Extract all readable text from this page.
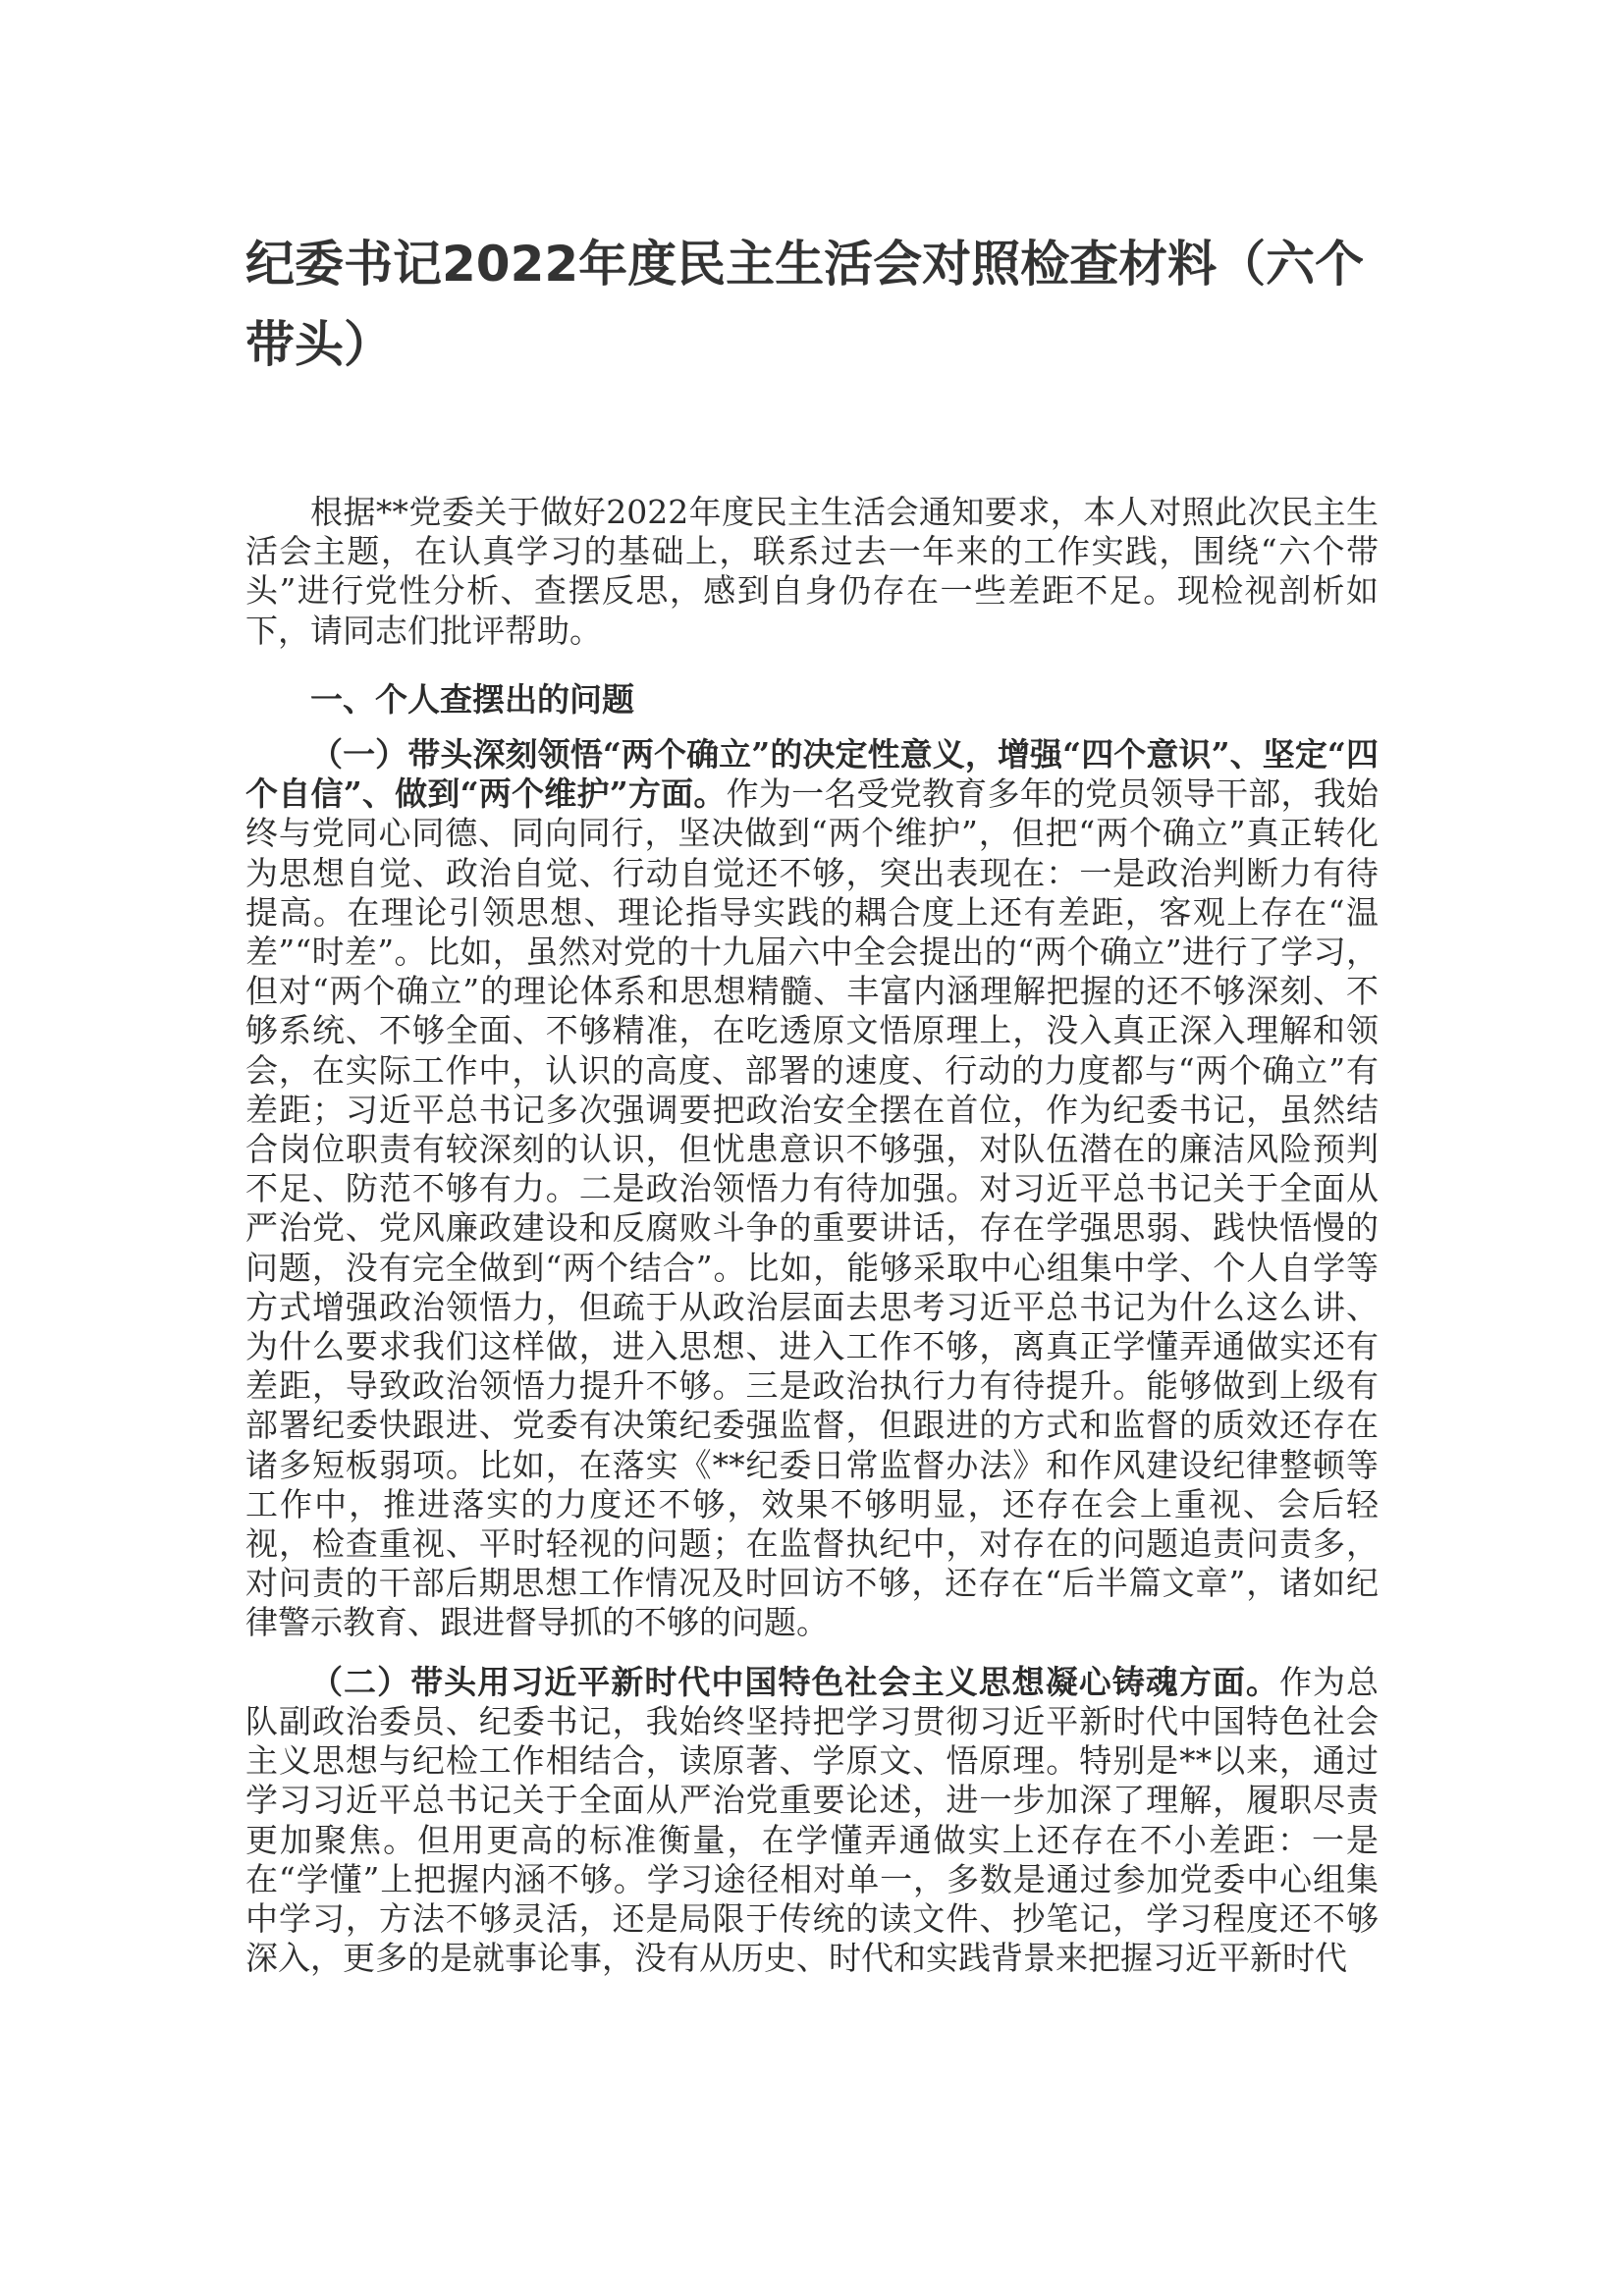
纪委书记2022年度民主生活会对照检查材料（六个带头）

根据**党委关于做好2022年度民主生活会通知要求，本人对照此次民主生活会主题，在认真学习的基础上，联系过去一年来的工作实践，围绕“六个带头”进行党性分析、查摆反思，感到自身仍存在一些差距不足。现检视剖析如下，请同志们批评帮助。

一、个人查摆出的问题

（一）带头深刻领悟“两个确立”的决定性意义，增强“四个意识”、坚定“四个自信”、做到“两个维护”方面。作为一名受党教育多年的党员领导干部，我始终与党同心同德、同向同行，坚决做到“两个维护”，但把“两个确立”真正转化为思想自觉、政治自觉、行动自觉还不够，突出表现在：一是政治判断力有待提高。在理论引领思想、理论指导实践的耦合度上还有差距，客观上存在“温差”“时差”。比如，虽然对党的十九届六中全会提出的“两个确立”进行了学习，但对“两个确立”的理论体系和思想精髓、丰富内涵理解把握的还不够深刻、不够系统、不够全面、不够精准，在吃透原文悟原理上，没入真正深入理解和领会，在实际工作中，认识的高度、部署的速度、行动的力度都与“两个确立”有差距；习近平总书记多次强调要把政治安全摆在首位，作为纪委书记，虽然结合岗位职责有较深刻的认识，但忧患意识不够强，对队伍潜在的廉洁风险预判不足、防范不够有力。二是政治领悟力有待加强。对习近平总书记关于全面从严治党、党风廉政建设和反腐败斗争的重要讲话，存在学强思弱、践快悟慢的问题，没有完全做到“两个结合”。比如，能够采取中心组集中学、个人自学等方式增强政治领悟力，但疏于从政治层面去思考习近平总书记为什么这么讲、为什么要求我们这样做，进入思想、进入工作不够，离真正学懂弄通做实还有差距，导致政治领悟力提升不够。三是政治执行力有待提升。能够做到上级有部署纪委快跟进、党委有决策纪委强监督，但跟进的方式和监督的质效还存在诸多短板弱项。比如，在落实《**纪委日常监督办法》和作风建设纪律整顿等工作中，推进落实的力度还不够，效果不够明显，还存在会上重视、会后轻视，检查重视、平时轻视的问题；在监督执纪中，对存在的问题追责问责多，对问责的干部后期思想工作情况及时回访不够，还存在“后半篇文章”，诸如纪律警示教育、跟进督导抓的不够的问题。

（二）带头用习近平新时代中国特色社会主义思想凝心铸魂方面。作为总队副政治委员、纪委书记，我始终坚持把学习贯彻习近平新时代中国特色社会主义思想与纪检工作相结合，读原著、学原文、悟原理。特别是**以来，通过学习习近平总书记关于全面从严治党重要论述，进一步加深了理解，履职尽责更加聚焦。但用更高的标准衡量，在学懂弄通做实上还存在不小差距：一是在“学懂”上把握内涵不够。学习途径相对单一，多数是通过参加党委中心组集中学习，方法不够灵活，还是局限于传统的读文件、抄笔记，学习程度还不够深入，更多的是就事论事，没有从历史、时代和实践背景来把握习近平新时代
